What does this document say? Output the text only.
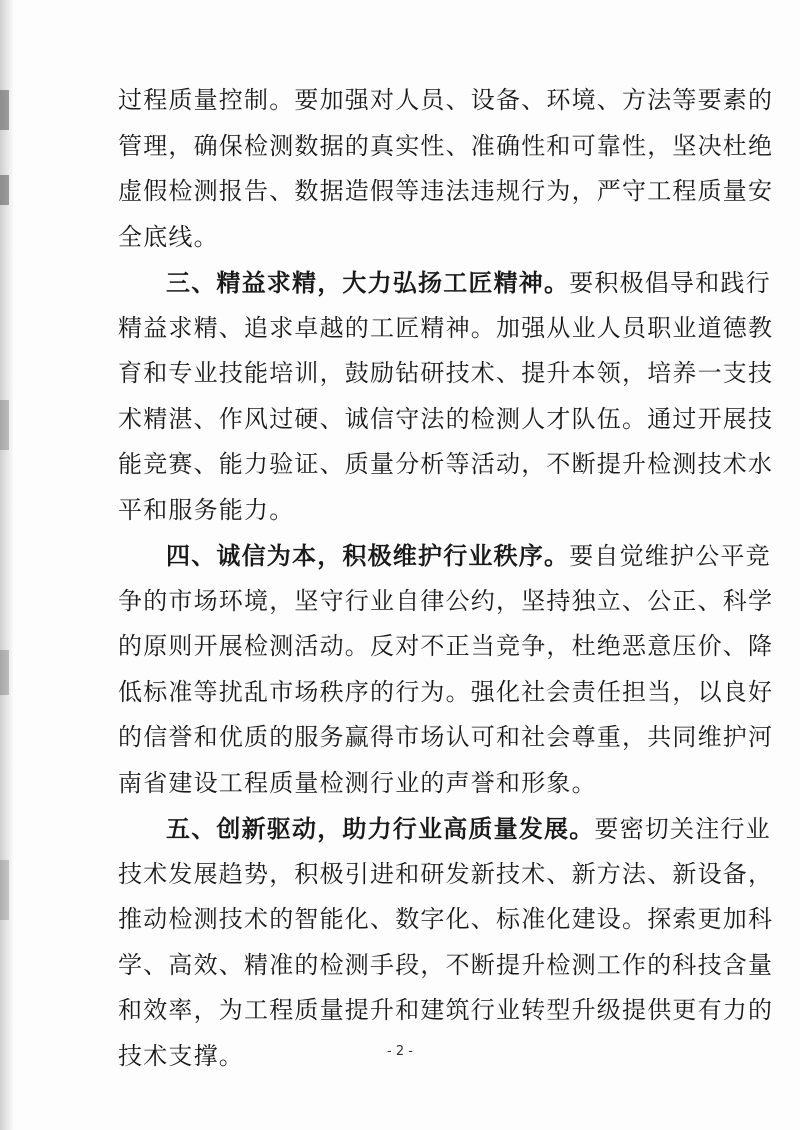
过程质量控制。要加强对人员、设备、环境、方法等要素的
管理，确保检测数据的真实性、准确性和可靠性，坚决杜绝
虚假检测报告、数据造假等违法违规行为，严守工程质量安
全底线。
三、精益求精，大力弘扬工匠精神。要积极倡导和践行
精益求精、追求卓越的工匠精神。加强从业人员职业道德教
育和专业技能培训，鼓励钻研技术、提升本领，培养一支技
术精湛、作风过硬、诚信守法的检测人才队伍。通过开展技
能竞赛、能力验证、质量分析等活动，不断提升检测技术水
平和服务能力。
四、诚信为本，积极维护行业秩序。要自觉维护公平竞
争的市场环境，坚守行业自律公约，坚持独立、公正、科学
的原则开展检测活动。反对不正当竞争，杜绝恶意压价、降
低标准等扰乱市场秩序的行为。强化社会责任担当，以良好
的信誉和优质的服务赢得市场认可和社会尊重，共同维护河
南省建设工程质量检测行业的声誉和形象。
五、创新驱动，助力行业高质量发展。要密切关注行业
技术发展趋势，积极引进和研发新技术、新方法、新设备，
推动检测技术的智能化、数字化、标准化建设。探索更加科
学、高效、精准的检测手段，不断提升检测工作的科技含量
和效率，为工程质量提升和建筑行业转型升级提供更有力的
技术支撑。	- 2 -
